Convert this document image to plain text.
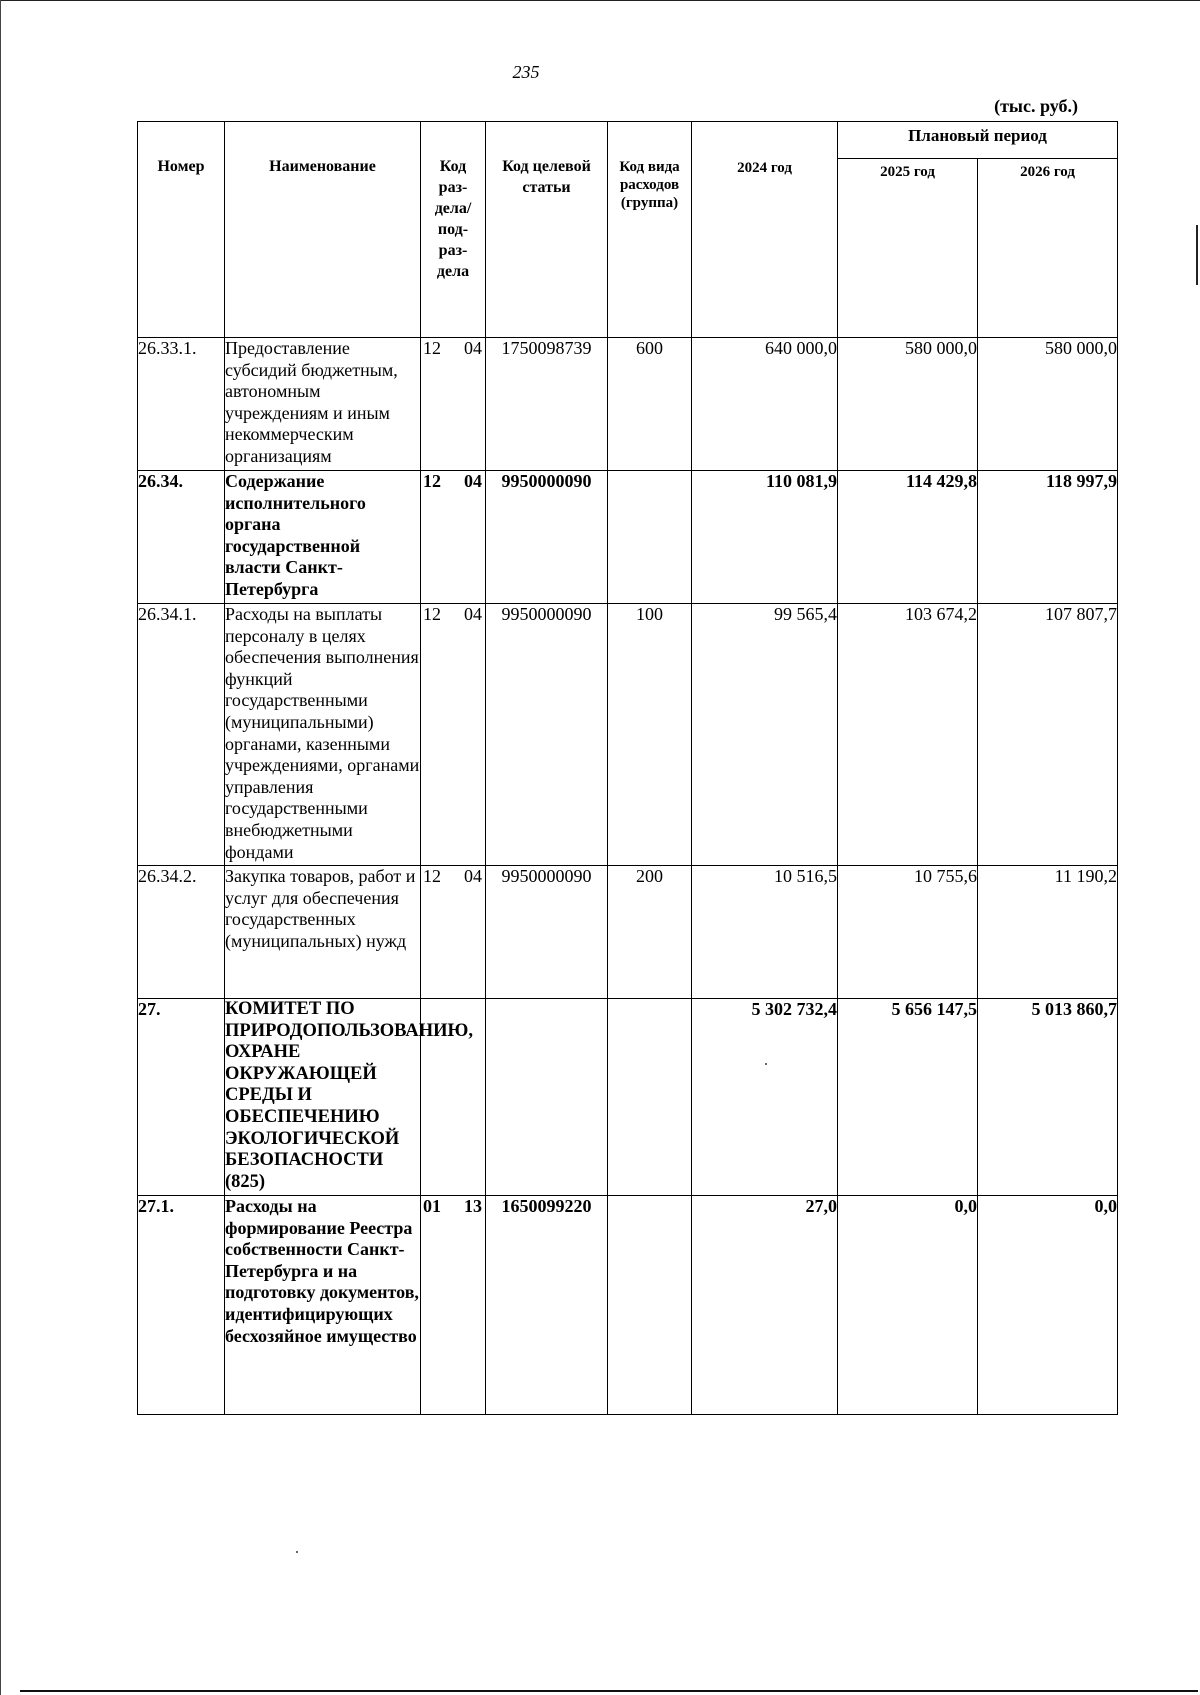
235
(тыс. руб.)
Номер	Наименование	Код раз-дела/ под-раз-дела	Код целевой статьи	Код вида расходов (группа)	2024 год	Плановый период	

						2025 год	2026 год

26.33.1.	Предоставление субсидий бюджетным, автономным учреждениям и иным некоммерческим организациям	12 04	1750098739	600	640 000,0	580 000,0	580 000,0
26.34.	Содержание исполнительного органа государственной власти Санкт-Петербурга	12 04	9950000090		110 081,9	114 429,8	118 997,9
26.34.1.	Расходы на выплаты персоналу в целях обеспечения выполнения функций государственными (муниципальными) органами, казенными учреждениями, органами управления государственными внебюджетными фондами	12 04	9950000090	100	99 565,4	103 674,2	107 807,7
26.34.2.	Закупка товаров, работ и услуг для обеспечения государственных (муниципальных) нужд	12 04	9950000090	200	10 516,5	10 755,6	11 190,2
27.	КОМИТЕТ ПО ПРИРОДОПОЛЬЗОВАНИЮ, ОХРАНЕ ОКРУЖАЮЩЕЙ СРЕДЫ И ОБЕСПЕЧЕНИЮ ЭКОЛОГИЧЕСКОЙ БЕЗОПАСНОСТИ (825)				5 302 732,4	5 656 147,5	5 013 860,7
27.1.	Расходы на формирование Реестра собственности Санкт-Петербурга и на подготовку документов, идентифицирующих бесхозяйное имущество	01 13	1650099220		27,0	0,0	0,0
